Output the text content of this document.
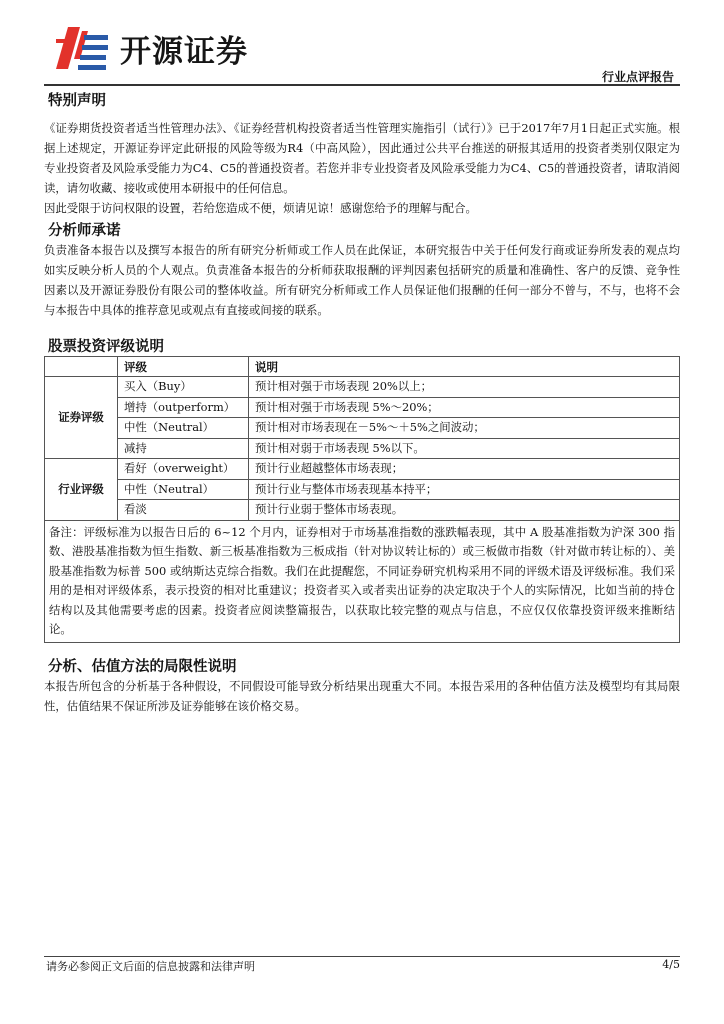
开源证券
行业点评报告
特别声明

《证券期货投资者适当性管理办法》、《证券经营机构投资者适当性管理实施指引（试行）》已于2017年7月1日起正式实施。根据上述规定，开源证券评定此研报的风险等级为R4（中高风险），因此通过公共平台推送的研报其适用的投资者类别仅限定为专业投资者及风险承受能力为C4、C5的普通投资者。若您并非专业投资者及风险承受能力为C4、C5的普通投资者，请取消阅读，请勿收藏、接收或使用本研报中的任何信息。

因此受限于访问权限的设置，若给您造成不便，烦请见谅！感谢您给予的理解与配合。

分析师承诺

负责准备本报告以及撰写本报告的所有研究分析师或工作人员在此保证，本研究报告中关于任何发行商或证券所发表的观点均如实反映分析人员的个人观点。负责准备本报告的分析师获取报酬的评判因素包括研究的质量和准确性、客户的反馈、竞争性因素以及开源证券股份有限公司的整体收益。所有研究分析师或工作人员保证他们报酬的任何一部分不曾与，不与，也将不会与本报告中具体的推荐意见或观点有直接或间接的联系。

股票投资评级说明
	评级	说明
证券评级	买入（Buy）	预计相对强于市场表现 20%以上；
	增持（outperform）	预计相对强于市场表现 5%～20%；
	中性（Neutral）	预计相对市场表现在－5%～＋5%之间波动；
	减持	预计相对弱于市场表现 5%以下。
行业评级	看好（overweight）	预计行业超越整体市场表现；
	中性（Neutral）	预计行业与整体市场表现基本持平；
	看淡	预计行业弱于整体市场表现。
备注：评级标准为以报告日后的 6~12 个月内，证券相对于市场基准指数的涨跌幅表现，其中 A 股基准指数为沪深 300 指数、港股基准指数为恒生指数、新三板基准指数为三板成指（针对协议转让标的）或三板做市指数（针对做市转让标的）、美股基准指数为标普 500 或纳斯达克综合指数。我们在此提醒您，不同证券研究机构采用不同的评级术语及评级标准。我们采用的是相对评级体系，表示投资的相对比重建议；投资者买入或者卖出证券的决定取决于个人的实际情况，比如当前的持仓结构以及其他需要考虑的因素。投资者应阅读整篇报告，以获取比较完整的观点与信息，不应仅仅依靠投资评级来推断结论。		
分析、估值方法的局限性说明

本报告所包含的分析基于各种假设，不同假设可能导致分析结果出现重大不同。本报告采用的各种估值方法及模型均有其局限性，估值结果不保证所涉及证券能够在该价格交易。

请务必参阅正文后面的信息披露和法律声明	4/5
